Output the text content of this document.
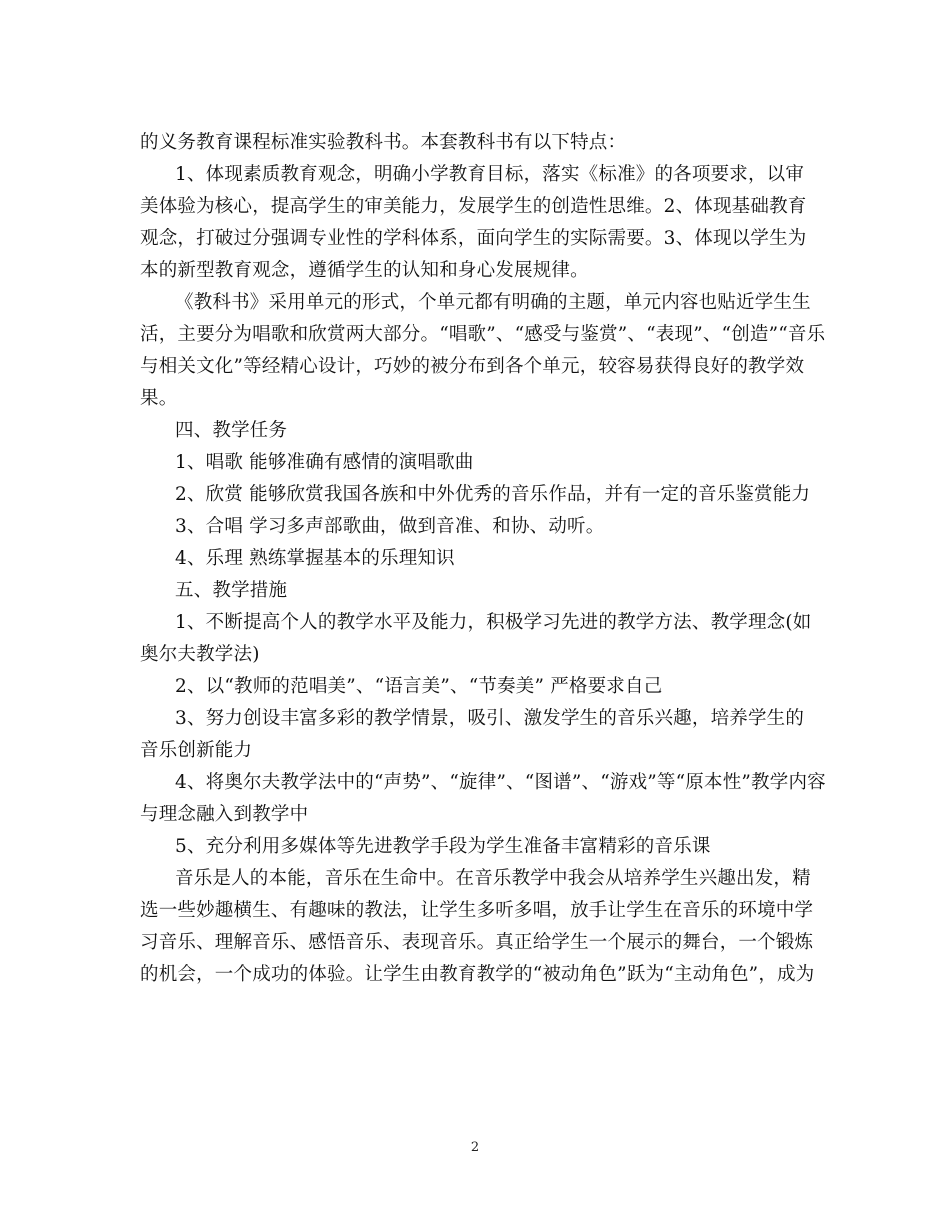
的义务教育课程标准实验教科书。本套教科书有以下特点：
1、体现素质教育观念，明确小学教育目标，落实《标准》的各项要求，以审
美体验为核心，提高学生的审美能力，发展学生的创造性思维。2、体现基础教育
观念，打破过分强调专业性的学科体系，面向学生的实际需要。3、体现以学生为
本的新型教育观念，遵循学生的认知和身心发展规律。
《教科书》采用单元的形式，个单元都有明确的主题，单元内容也贴近学生生
活，主要分为唱歌和欣赏两大部分。“唱歌”、“感受与鉴赏”、“表现”、“创造”“音乐
与相关文化”等经精心设计，巧妙的被分布到各个单元，较容易获得良好的教学效
果。
四、教学任务
1、唱歌 能够准确有感情的演唱歌曲
2、欣赏 能够欣赏我国各族和中外优秀的音乐作品，并有一定的音乐鉴赏能力
3、合唱 学习多声部歌曲，做到音准、和协、动听。
4、乐理 熟练掌握基本的乐理知识
五、教学措施
1、不断提高个人的教学水平及能力，积极学习先进的教学方法、教学理念(如
奥尔夫教学法)
2、以“教师的范唱美”、“语言美”、“节奏美” 严格要求自己
3、努力创设丰富多彩的教学情景，吸引、激发学生的音乐兴趣，培养学生的
音乐创新能力
4、将奥尔夫教学法中的“声势”、“旋律”、“图谱”、“游戏”等“原本性”教学内容
与理念融入到教学中
5、充分利用多媒体等先进教学手段为学生准备丰富精彩的音乐课
音乐是人的本能，音乐在生命中。在音乐教学中我会从培养学生兴趣出发，精
选一些妙趣横生、有趣味的教法，让学生多听多唱，放手让学生在音乐的环境中学
习音乐、理解音乐、感悟音乐、表现音乐。真正给学生一个展示的舞台，一个锻炼
的机会，一个成功的体验。让学生由教育教学的“被动角色”跃为“主动角色”，成为
2
